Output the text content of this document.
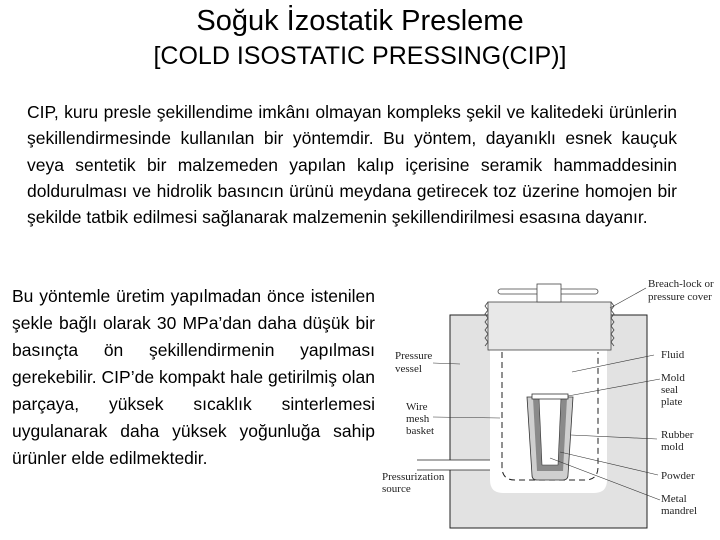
Soğuk İzostatik Presleme
[COLD ISOSTATIC PRESSING(CIP)]
CIP, kuru presle şekillendime imkânı olmayan kompleks şekil ve kalitedeki ürünlerin şekillendirmesinde kullanılan bir yöntemdir. Bu yöntem, dayanıklı esnek kauçuk veya sentetik bir malzemeden yapılan kalıp içerisine seramik hammaddesinin doldurulması ve hidrolik basıncın ürünü meydana getirecek toz üzerine homojen bir şekilde tatbik edilmesi sağlanarak malzemenin şekillendirilmesi esasına dayanır.
Bu yöntemle üretim yapılmadan önce istenilen şekle bağlı olarak 30 MPa’dan daha düşük bir basınçta ön şekillendirmenin yapılması gerekebilir. CIP’de kompakt hale getirilmiş olan parçaya, yüksek sıcaklık sinterlemesi uygulanarak daha yüksek yoğunluğa sahip ürünler elde edilmektedir.
Breach-lock or
pressure cover
Pressure
vessel
Fluid
Mold
seal
plate
Wire
mesh
basket	Rubber
mold
Powder
Pressurization
source
Metal
mandrel
